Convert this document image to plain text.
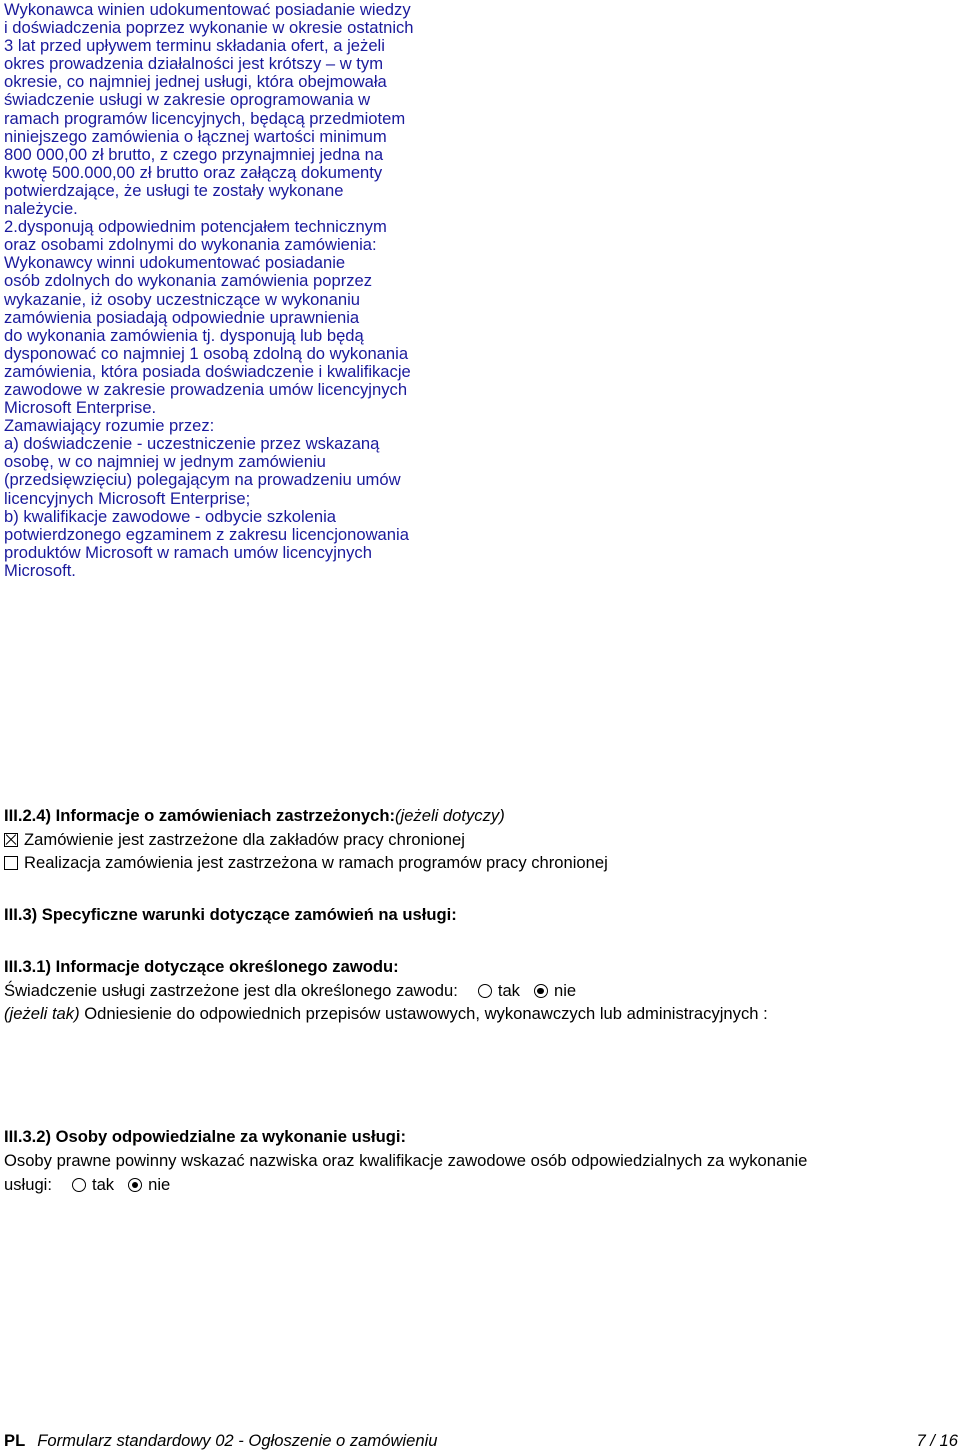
Wykonawca winien udokumentować posiadanie wiedzy
i doświadczenia poprzez wykonanie w okresie ostatnich
3 lat przed upływem terminu składania ofert, a jeżeli
okres prowadzenia działalności jest krótszy – w tym
okresie, co najmniej jednej usługi, która obejmowała
świadczenie usługi w zakresie oprogramowania w
ramach programów licencyjnych, będącą przedmiotem
niniejszego zamówienia o łącznej wartości minimum
800 000,00 zł brutto, z czego przynajmniej jedna na
kwotę 500.000,00 zł brutto oraz załączą dokumenty
potwierdzające, że usługi te zostały wykonane
należycie.
2.dysponują odpowiednim potencjałem technicznym
oraz osobami zdolnymi do wykonania zamówienia:
Wykonawcy winni udokumentować posiadanie
osób zdolnych do wykonania zamówienia poprzez
wykazanie, iż osoby uczestniczące w wykonaniu
zamówienia posiadają odpowiednie uprawnienia
do wykonania zamówienia tj. dysponują lub będą
dysponować co najmniej 1 osobą zdolną do wykonania
zamówienia, która posiada doświadczenie i kwalifikacje
zawodowe w zakresie prowadzenia umów licencyjnych
Microsoft Enterprise.
Zamawiający rozumie przez:
a) doświadczenie - uczestniczenie przez wskazaną
osobę, w co najmniej w jednym zamówieniu
(przedsięwzięciu) polegającym na prowadzeniu umów
licencyjnych Microsoft Enterprise;
b) kwalifikacje zawodowe - odbycie szkolenia
potwierdzonego egzaminem z zakresu licencjonowania
produktów Microsoft w ramach umów licencyjnych
Microsoft.
III.2.4) Informacje o zamówieniach zastrzeżonych:(jeżeli dotyczy)
Zamówienie jest zastrzeżone dla zakładów pracy chronionej
Realizacja zamówienia jest zastrzeżona w ramach programów pracy chronionej
III.3) Specyficzne warunki dotyczące zamówień na usługi:
III.3.1) Informacje dotyczące określonego zawodu:
Świadczenie usługi zastrzeżone jest dla określonego zawodu: tak nie
(jeżeli tak) Odniesienie do odpowiednich przepisów ustawowych, wykonawczych lub administracyjnych :
III.3.2) Osoby odpowiedzialne za wykonanie usługi:
Osoby prawne powinny wskazać nazwiska oraz kwalifikacje zawodowe osób odpowiedzialnych za wykonanie
usługi: tak nie
PL Formularz standardowy 02 - Ogłoszenie o zamówieniu	7 / 16
